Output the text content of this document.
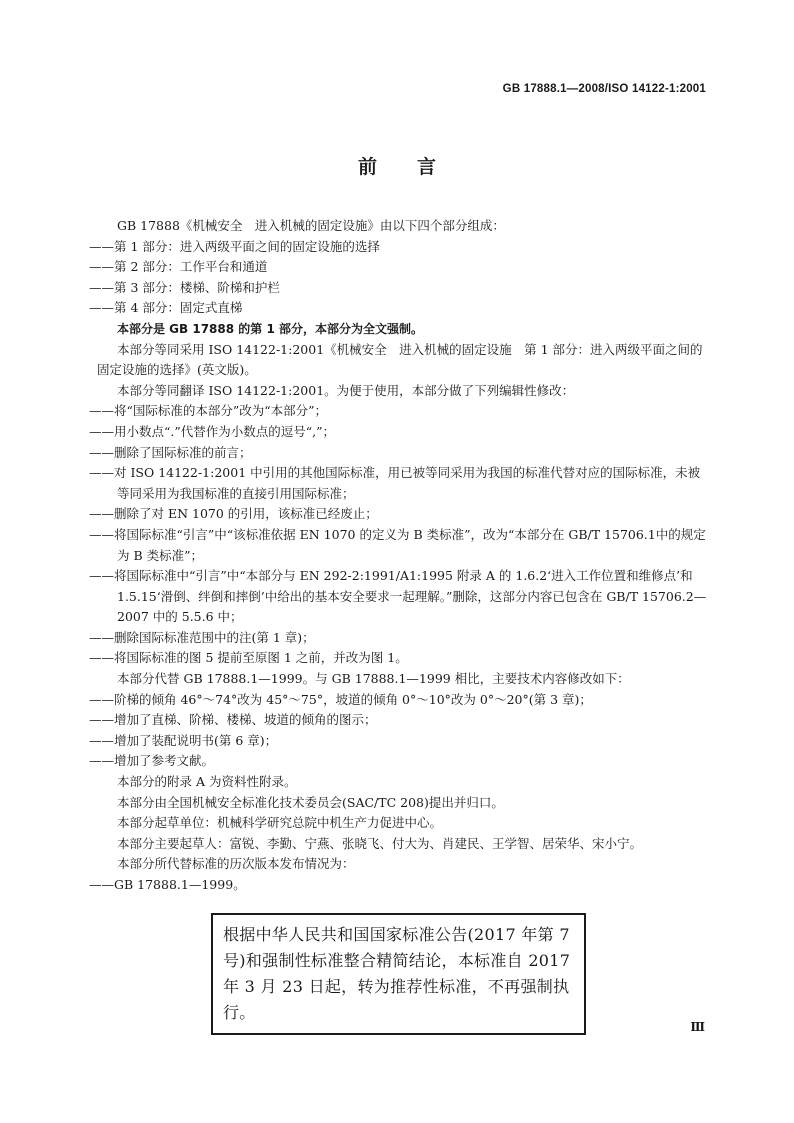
GB 17888.1—2008/ISO 14122-1:2001
前言

GB 17888《机械安全　进入机械的固定设施》由以下四个部分组成：

——第 1 部分：进入两级平面之间的固定设施的选择

——第 2 部分：工作平台和通道

——第 3 部分：楼梯、阶梯和护栏

——第 4 部分：固定式直梯

本部分是 GB 17888 的第 1 部分，本部分为全文强制。

本部分等同采用 ISO 14122-1:2001《机械安全　进入机械的固定设施　第 1 部分：进入两级平面之间的固定设施的选择》(英文版)。

本部分等同翻译 ISO 14122-1:2001。为便于使用，本部分做了下列编辑性修改：

——将“国际标准的本部分”改为“本部分”；

——用小数点“.”代替作为小数点的逗号“,”；

——删除了国际标准的前言；

——对 ISO 14122-1:2001 中引用的其他国际标准，用已被等同采用为我国的标准代替对应的国际标准，未被等同采用为我国标准的直接引用国际标准；

——删除了对 EN 1070 的引用，该标准已经废止；

——将国际标准“引言”中“该标准依据 EN 1070 的定义为 B 类标准”，改为“本部分在 GB/T 15706.1中的规定为 B 类标准”；

——将国际标准中“引言”中“本部分与 EN 292-2:1991/A1:1995 附录 A 的 1.6.2‘进入工作位置和维修点’和 1.5.15‘滑倒、绊倒和摔倒’中给出的基本安全要求一起理解。”删除，这部分内容已包含在 GB/T 15706.2—2007 中的 5.5.6 中；

——删除国际标准范围中的注(第 1 章)；

——将国际标准的图 5 提前至原图 1 之前，并改为图 1。

本部分代替 GB 17888.1—1999。与 GB 17888.1—1999 相比，主要技术内容修改如下：

——阶梯的倾角 46°～74°改为 45°～75°，坡道的倾角 0°～10°改为 0°～20°(第 3 章)；

——增加了直梯、阶梯、楼梯、坡道的倾角的图示；

——增加了装配说明书(第 6 章)；

——增加了参考文献。

本部分的附录 A 为资料性附录。

本部分由全国机械安全标准化技术委员会(SAC/TC 208)提出并归口。

本部分起草单位：机械科学研究总院中机生产力促进中心。

本部分主要起草人：富锐、李勤、宁燕、张晓飞、付大为、肖建民、王学智、居荣华、宋小宁。

本部分所代替标准的历次版本发布情况为：

——GB 17888.1—1999。

根据中华人民共和国国家标准公告(2017 年第 7 号)和强制性标准整合精简结论，本标准自 2017 年 3 月 23 日起，转为推荐性标准，不再强制执行。
Ⅲ
